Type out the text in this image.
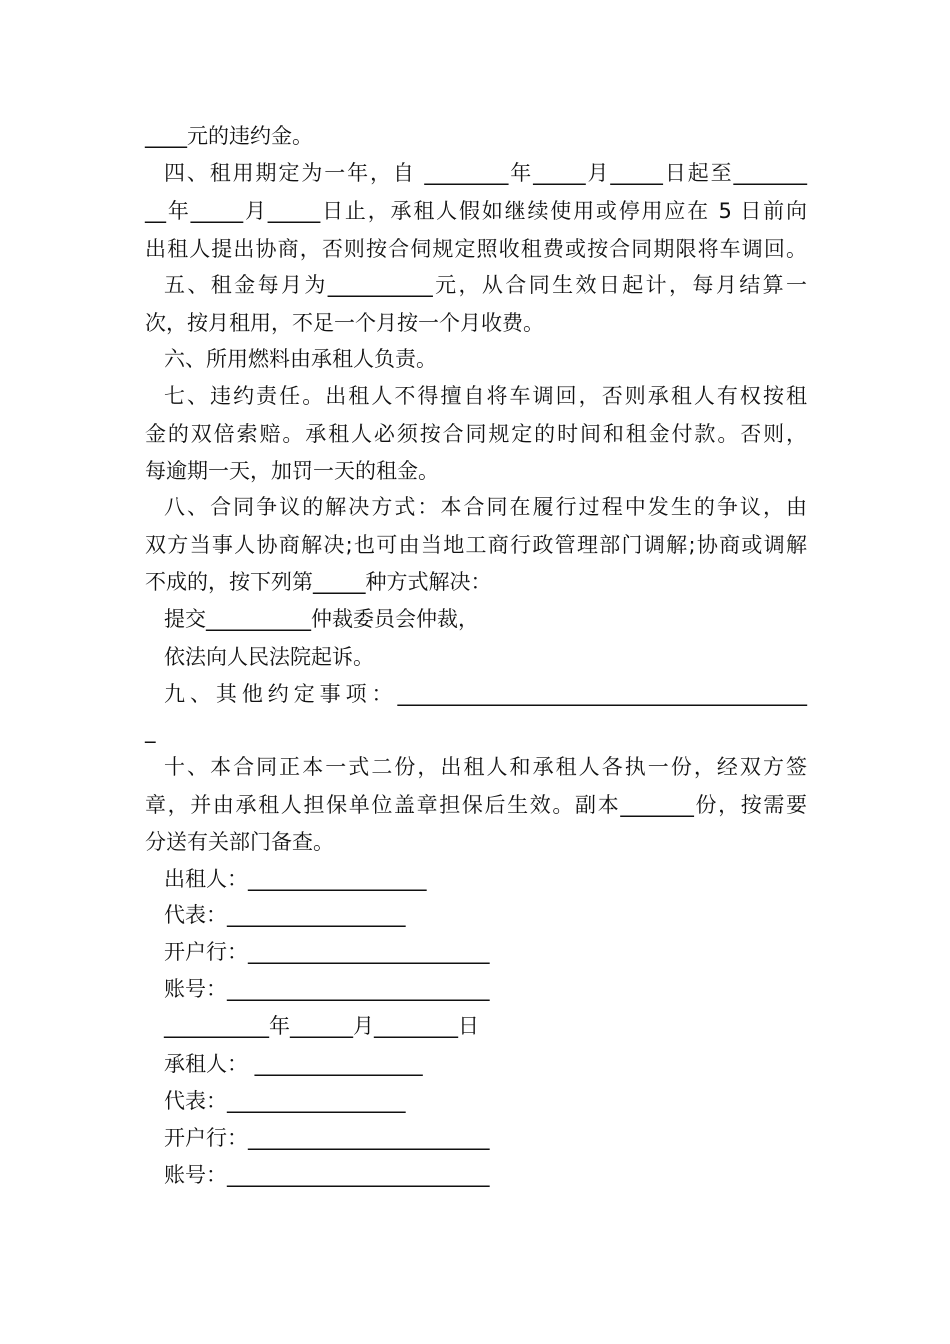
____元的违约金。
四、租用期定为一年，自 ________年_____月_____日起至_______
__年_____月_____日止，承租人假如继续使用或停用应在 5 日前向
出租人提出协商，否则按合伺规定照收租费或按合同期限将车调回。
五、租金每月为__________元，从合同生效日起计，每月结算一
次，按月租用，不足一个月按一个月收费。
六、所用燃料由承租人负责。
七、违约责任。出租人不得擅自将车调回，否则承租人有权按租
金的双倍索赔。承租人必须按合同规定的时间和租金付款。否则，
每逾期一天，加罚一天的租金。
八、合同争议的解决方式：本合同在履行过程中发生的争议，由
双方当事人协商解决;也可由当地工商行政管理部门调解;协商或调解
不成的，按下列第_____种方式解决：
提交__________仲裁委员会仲裁，
依法向人民法院起诉。
九、其他约定事项：_______________________________________
_
十、本合同正本一式二份，出租人和承租人各执一份，经双方签
章，并由承租人担保单位盖章担保后生效。副本_______份，按需要
分送有关部门备查。
出租人：_________________
代表：_________________
开户行：_______________________
账号：_________________________
__________年______月________日
承租人： ________________
代表：_________________
开户行：_______________________
账号：_________________________
